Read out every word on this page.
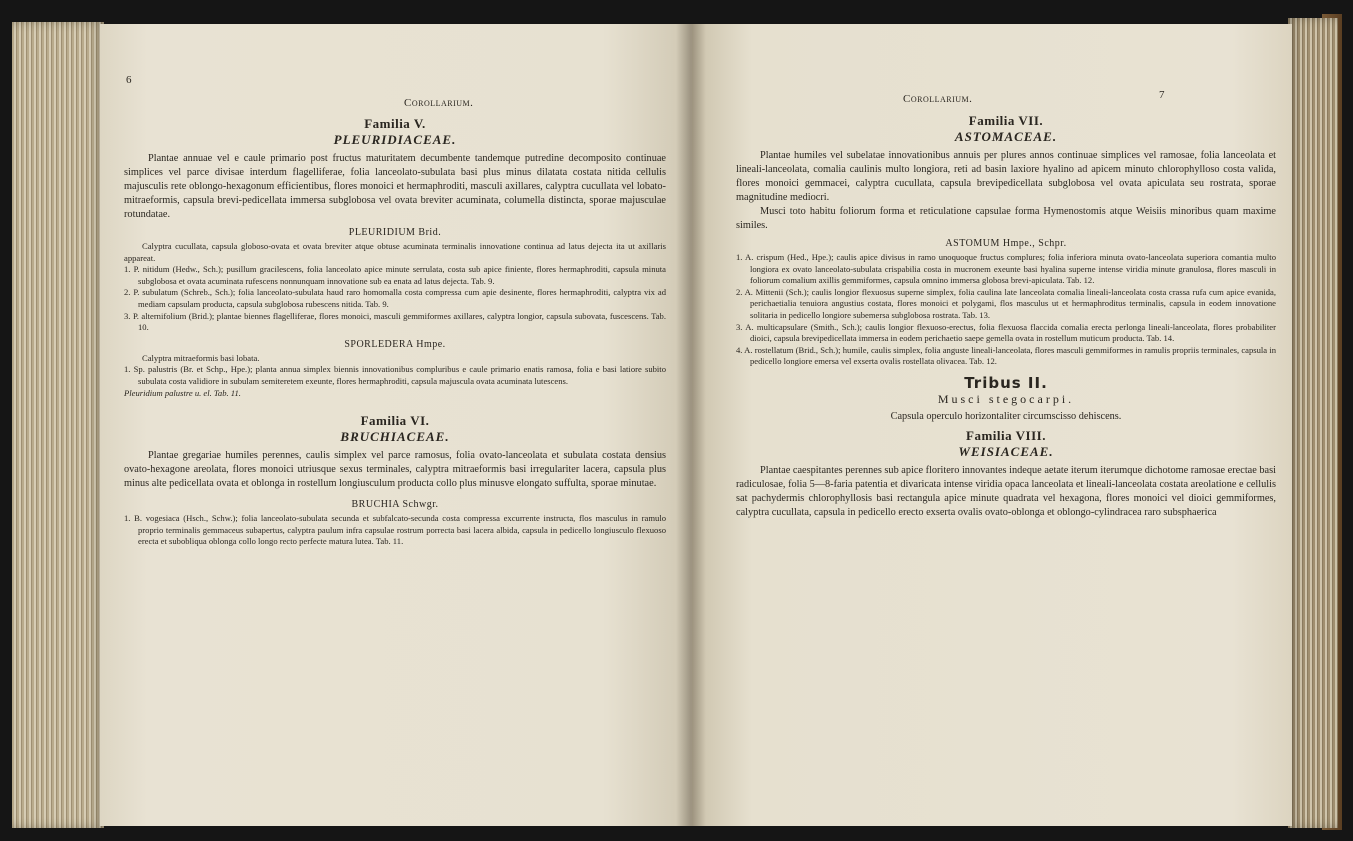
6
Corollarium.

Familia V.

PLEURIDIACEAE.

Plantae annuae vel e caule primario post fructus maturitatem decumbente tandemque putredine decomposito continuae simplices vel parce divisae interdum flagelliferae, folia lanceolato-subulata basi plus minus dilatata costata nitida cellulis majusculis rete oblongo-hexagonum efficientibus, flores monoici et hermaphroditi, masculi axillares, calyptra cucullata vel lobato-mitraeformis, capsula brevi-pedicellata immersa subglobosa vel ovata breviter acuminata, columella distincta, sporae majusculae rotundatae.

PLEURIDIUM Brid.

Calyptra cucullata, capsula globoso-ovata et ovata breviter atque obtuse acuminata terminalis innovatione continua ad latus dejecta ita ut axillaris appareat.

1. P. nitidum (Hedw., Sch.); pusillum gracilescens, folia lanceolato apice minute serrulata, costa sub apice finiente, flores hermaphroditi, capsula minuta subglobosa et ovata acuminata rufescens nonnunquam innovatione sub ea enata ad latus dejecta. Tab. 9.

2. P. subulatum (Schreb., Sch.); folia lanceolato-subulata haud raro homomalla costa compressa cum apie desinente, flores hermaphroditi, calyptra vix ad mediam capsulam producta, capsula subglobosa rubescens nitida. Tab. 9.

3. P. alternifolium (Brid.); plantae biennes flagelliferae, flores monoici, masculi gemmiformes axillares, calyptra longior, capsula subovata, fuscescens. Tab. 10.

SPORLEDERA Hmpe.

Calyptra mitraeformis basi lobata.

1. Sp. palustris (Br. et Schp., Hpe.); planta annua simplex biennis innovationibus compluribus e caule primario enatis ramosa, folia e basi latiore subito subulata costa validiore in subulam semiteretem exeunte, flores hermaphroditi, capsula majuscula ovata acuminata lutescens.

Pleuridium palustre u. el. Tab. 11.

Familia VI.

BRUCHIACEAE.

Plantae gregariae humiles perennes, caulis simplex vel parce ramosus, folia ovato-lanceolata et subulata costata densius ovato-hexagone areolata, flores monoici utriusque sexus terminales, calyptra mitraeformis basi irregulariter lacera, capsula plus minus alte pedicellata ovata et oblonga in rostellum longiusculum producta collo plus minusve elongato suffulta, sporae minutae.

BRUCHIA Schwgr.

1. B. vogesiaca (Hsch., Schw.); folia lanceolato-subulata secunda et subfalcato-secunda costa compressa excurrente instructa, flos masculus in ramulo proprio terminalis gemmaceus subapertus, calyptra paulum infra capsulae rostrum porrecta basi lacera albida, capsula in pedicello longiusculo flexuoso erecta et subobliqua oblonga collo longo recto perfecte matura lutea. Tab. 11.

Corollarium.	7

Familia VII.

ASTOMACEAE.

Plantae humiles vel subelatae innovationibus annuis per plures annos continuae simplices vel ramosae, folia lanceolata et lineali-lanceolata, comalia caulinis multo longiora, reti ad basin laxiore hyalino ad apicem minuto chlorophylloso costa valida, flores monoici gemmacei, calyptra cucullata, capsula brevipedicellata subglobosa vel ovata apiculata seu rostrata, sporae magnitudine mediocri.

Musci toto habitu foliorum forma et reticulatione capsulae forma Hymenostomis atque Weisiis minoribus quam maxime similes.

ASTOMUM Hmpe., Schpr.

1. A. crispum (Hed., Hpe.); caulis apice divisus in ramo unoquoque fructus complures; folia inferiora minuta ovato-lanceolata superiora comantia multo longiora ex ovato lanceolato-subulata crispabilia costa in mucronem exeunte basi hyalina superne intense viridia minute granulosa, flores masculi in foliorum comalium axillis gemmiformes, capsula omnino immersa globosa brevi-apiculata. Tab. 12.

2. A. Mittenii (Sch.); caulis longior flexuosus superne simplex, folia caulina late lanceolata comalia lineali-lanceolata costa crassa rufa cum apice evanida, perichaetialia tenuiora angustius costata, flores monoici et polygami, flos masculus ut et hermaphroditus terminalis, capsula in eodem innovatione solitaria in pedicello longiore subemersa subglobosa rostrata. Tab. 13.

3. A. multicapsulare (Smith., Sch.); caulis longior flexuoso-erectus, folia flexuosa flaccida comalia erecta perlonga lineali-lanceolata, flores probabiliter dioici, capsula brevipedicellata immersa in eodem perichaetio saepe gemella ovata in rostellum muticum producta. Tab. 14.

4. A. rostellatum (Brid., Sch.); humile, caulis simplex, folia anguste lineali-lanceolata, flores masculi gemmiformes in ramulis propriis terminales, capsula in pedicello longiore emersa vel exserta ovalis rostellata olivacea. Tab. 12.

Tribus II.

Musci stegocarpi.

Capsula operculo horizontaliter circumscisso dehiscens.

Familia VIII.

WEISIACEAE.

Plantae caespitantes perennes sub apice floritero innovantes indeque aetate iterum iterumque dichotome ramosae erectae basi radiculosae, folia 5—8-faria patentia et divaricata intense viridia opaca lanceolata et lineali-lanceolata costata areolatione e cellulis sat pachydermis chlorophyllosis basi rectangula apice minute quadrata vel hexagona, flores monoici vel dioici gemmiformes, calyptra cucullata, capsula in pedicello erecto exserta ovalis ovato-oblonga et oblongo-cylindracea raro subsphaerica
